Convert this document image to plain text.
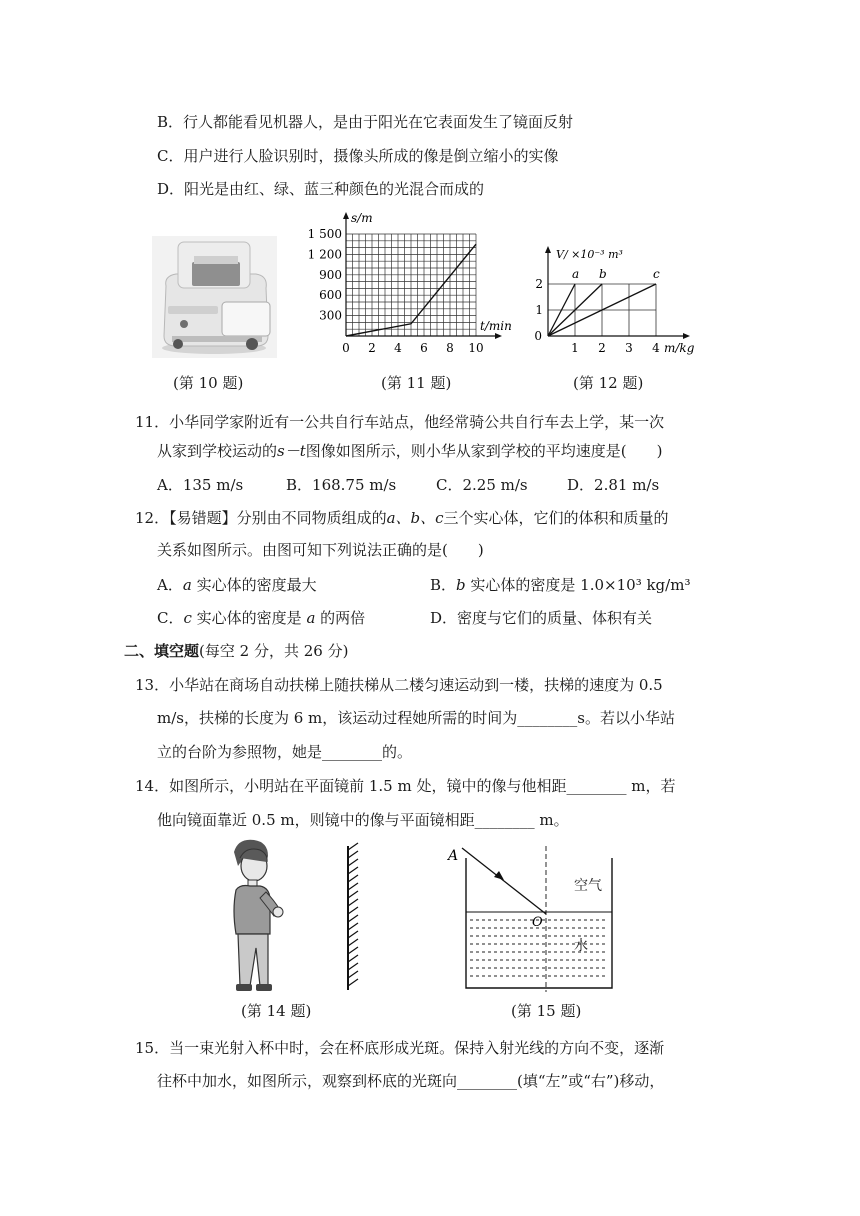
B．行人都能看见机器人，是由于阳光在它表面发生了镜面反射
C．用户进行人脸识别时，摄像头所成的像是倒立缩小的实像
D．阳光是由红、绿、蓝三种颜色的光混合而成的
0 2 4 6 8 10
300
600
900
1 200
1 500
t/min
s/m
a b	c
1 2 3 4
1
2
0
m/kg
V/ ×10⁻³ m³
(第 10 题)	(第 11 题)	(第 12 题)
11．小华同学家附近有一公共自行车站点，他经常骑公共自行车去上学，某一次
从家到学校运动的s－t图像如图所示，则小华从家到学校的平均速度是(　　)
A．135 m/s	B．168.75 m/s	C．2.25 m/s	D．2.81 m/s
12．【易错题】分别由不同物质组成的a、b、c三个实心体，它们的体积和质量的
关系如图所示。由图可知下列说法正确的是(　　)
A．a 实心体的密度最大	B．b 实心体的密度是 1.0×10³ kg/m³
C．c 实心体的密度是 a 的两倍	D．密度与它们的质量、体积有关
二、填空题(每空 2 分，共 26 分)
13．小华站在商场自动扶梯上随扶梯从二楼匀速运动到一楼，扶梯的速度为 0.5
m/s，扶梯的长度为 6 m，该运动过程她所需的时间为________s。若以小华站
立的台阶为参照物，她是________的。
14．如图所示，小明站在平面镜前 1.5 m 处，镜中的像与他相距________ m，若
他向镜面靠近 0.5 m，则镜中的像与平面镜相距________ m。
A
O
空气
水
(第 14 题)	(第 15 题)
15．当一束光射入杯中时，会在杯底形成光斑。保持入射光线的方向不变，逐渐
往杯中加水，如图所示，观察到杯底的光斑向________(填“左”或“右”)移动，
